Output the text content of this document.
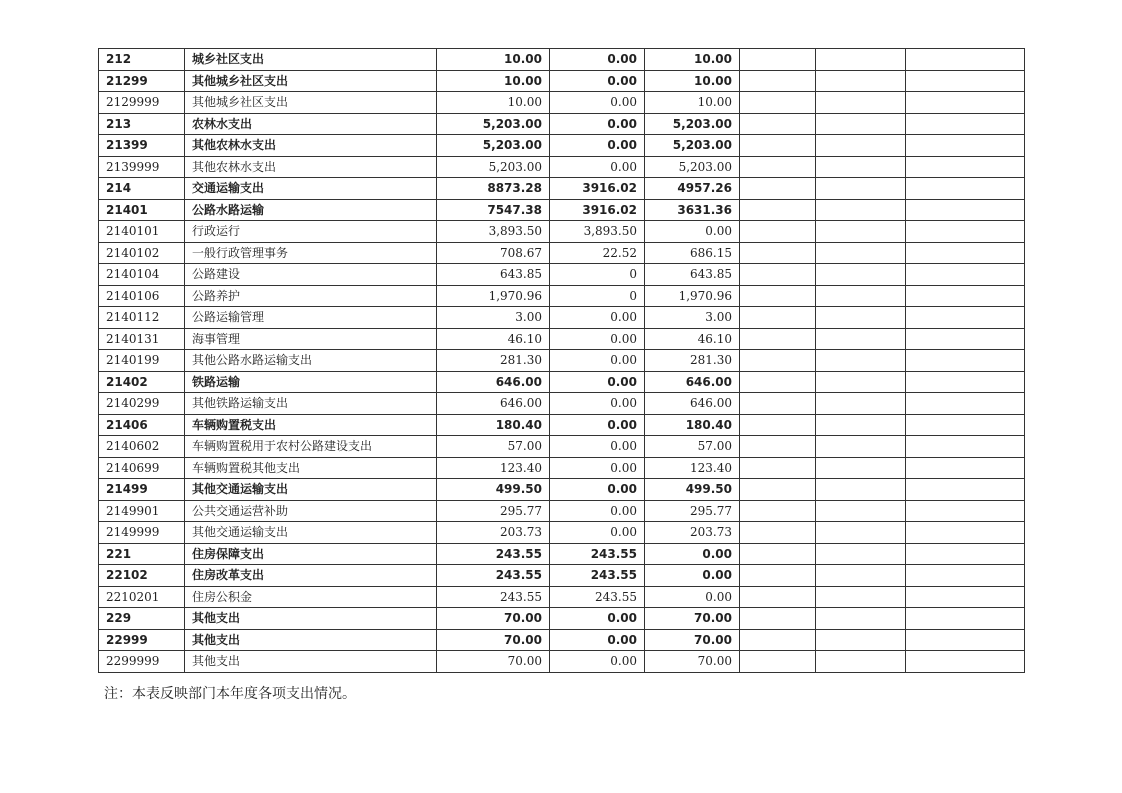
212	城乡社区支出	10.00	0.00	10.00			
21299	其他城乡社区支出	10.00	0.00	10.00			
2129999	其他城乡社区支出	10.00	0.00	10.00			
213	农林水支出	5,203.00	0.00	5,203.00			
21399	其他农林水支出	5,203.00	0.00	5,203.00			
2139999	其他农林水支出	5,203.00	0.00	5,203.00			
214	交通运输支出	8873.28	3916.02	4957.26			
21401	公路水路运输	7547.38	3916.02	3631.36			
2140101	行政运行	3,893.50	3,893.50	0.00			
2140102	一般行政管理事务	708.67	22.52	686.15			
2140104	公路建设	643.85	0	643.85			
2140106	公路养护	1,970.96	0	1,970.96			
2140112	公路运输管理	3.00	0.00	3.00			
2140131	海事管理	46.10	0.00	46.10			
2140199	其他公路水路运输支出	281.30	0.00	281.30			
21402	铁路运输	646.00	0.00	646.00			
2140299	其他铁路运输支出	646.00	0.00	646.00			
21406	车辆购置税支出	180.40	0.00	180.40			
2140602	车辆购置税用于农村公路建设支出	57.00	0.00	57.00			
2140699	车辆购置税其他支出	123.40	0.00	123.40			
21499	其他交通运输支出	499.50	0.00	499.50			
2149901	公共交通运营补助	295.77	0.00	295.77			
2149999	其他交通运输支出	203.73	0.00	203.73			
221	住房保障支出	243.55	243.55	0.00			
22102	住房改革支出	243.55	243.55	0.00			
2210201	住房公积金	243.55	243.55	0.00			
229	其他支出	70.00	0.00	70.00			
22999	其他支出	70.00	0.00	70.00			
2299999	其他支出	70.00	0.00	70.00			
注：本表反映部门本年度各项支出情况。
